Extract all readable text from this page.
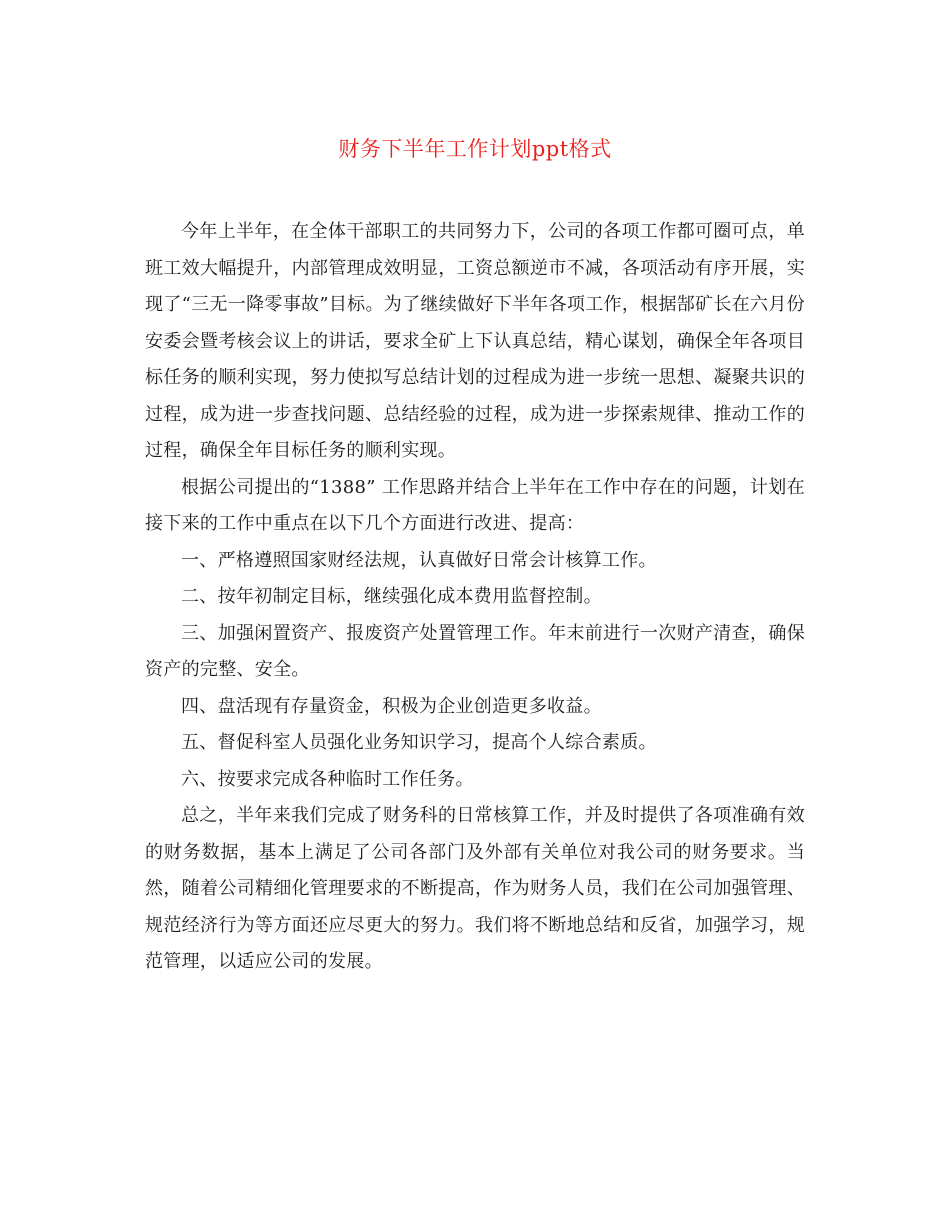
财务下半年工作计划ppt格式

今年上半年，在全体干部职工的共同努力下，公司的各项工作都可圈可点，单班工效大幅提升，内部管理成效明显，工资总额逆市不减，各项活动有序开展，实现了“三无一降零事故”目标。为了继续做好下半年各项工作，根据郜矿长在六月份安委会暨考核会议上的讲话，要求全矿上下认真总结，精心谋划，确保全年各项目标任务的顺利实现，努力使拟写总结计划的过程成为进一步统一思想、凝聚共识的过程，成为进一步查找问题、总结经验的过程，成为进一步探索规律、推动工作的过程，确保全年目标任务的顺利实现。

根据公司提出的“1388” 工作思路并结合上半年在工作中存在的问题，计划在接下来的工作中重点在以下几个方面进行改进、提高：

一、严格遵照国家财经法规，认真做好日常会计核算工作。

二、按年初制定目标，继续强化成本费用监督控制。

三、加强闲置资产、报废资产处置管理工作。年末前进行一次财产清查，确保资产的完整、安全。

四、盘活现有存量资金，积极为企业创造更多收益。

五、督促科室人员强化业务知识学习，提高个人综合素质。

六、按要求完成各种临时工作任务。

总之，半年来我们完成了财务科的日常核算工作，并及时提供了各项准确有效的财务数据，基本上满足了公司各部门及外部有关单位对我公司的财务要求。当然，随着公司精细化管理要求的不断提高，作为财务人员，我们在公司加强管理、规范经济行为等方面还应尽更大的努力。我们将不断地总结和反省，加强学习，规范管理，以适应公司的发展。
